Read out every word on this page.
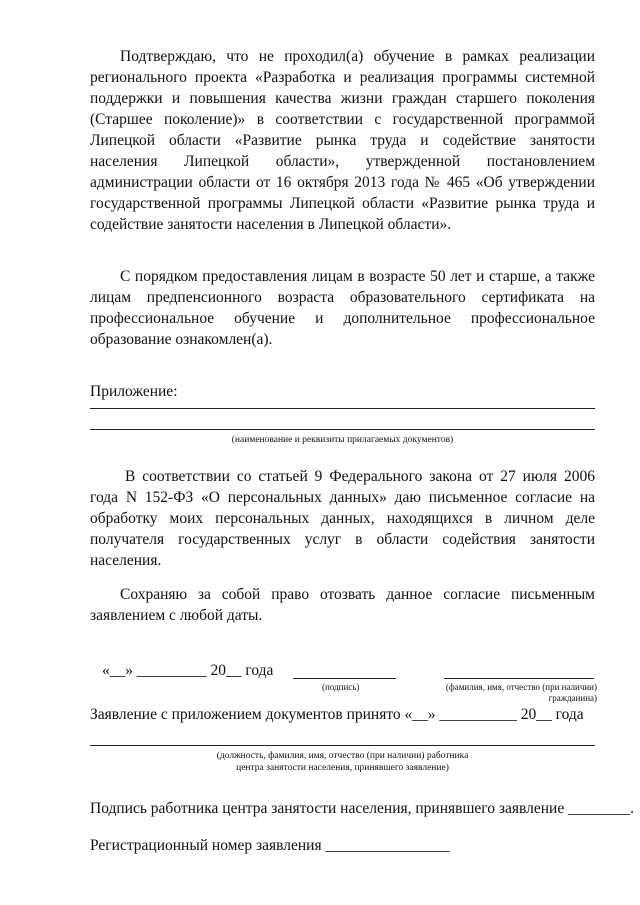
Подтверждаю, что не проходил(а) обучение в рамках реализации регионального проекта «Разработка и реализация программы системной поддержки и повышения качества жизни граждан старшего поколения (Старшее поколение)» в соответствии с государственной программой Липецкой области «Развитие рынка труда и содействие занятости населения Липецкой области», утвержденной постановлением администрации области от 16 октября 2013 года № 465 «Об утверждении государственной программы Липецкой области «Развитие рынка труда и содействие занятости населения в Липецкой области».

С порядком предоставления лицам в возрасте 50 лет и старше, а также лицам предпенсионного возраста образовательного сертификата на профессиональное обучение и дополнительное профессиональное образование ознакомлен(а).

Приложение:
(наименование и реквизиты прилагаемых документов)

В соответствии со статьей 9 Федерального закона от 27 июля 2006 года N 152-ФЗ «О персональных данных» даю письменное согласие на обработку моих персональных данных, находящихся в личном деле получателя государственных услуг в области содействия занятости населения.

Сохраняю за собой право отозвать данное согласие письменным заявлением с любой даты.

«__» _________ 20__ года
(подпись)	(фамилия, имя, отчество (при наличии) гражданина)
Заявление с приложением документов принято «__» __________ 20__ года
(должность, фамилия, имя, отчество (при наличии) работника
центра занятости населения, принявшего заявление)
Подпись работника центра занятости населения, принявшего заявление ________.
Регистрационный номер заявления ________________
